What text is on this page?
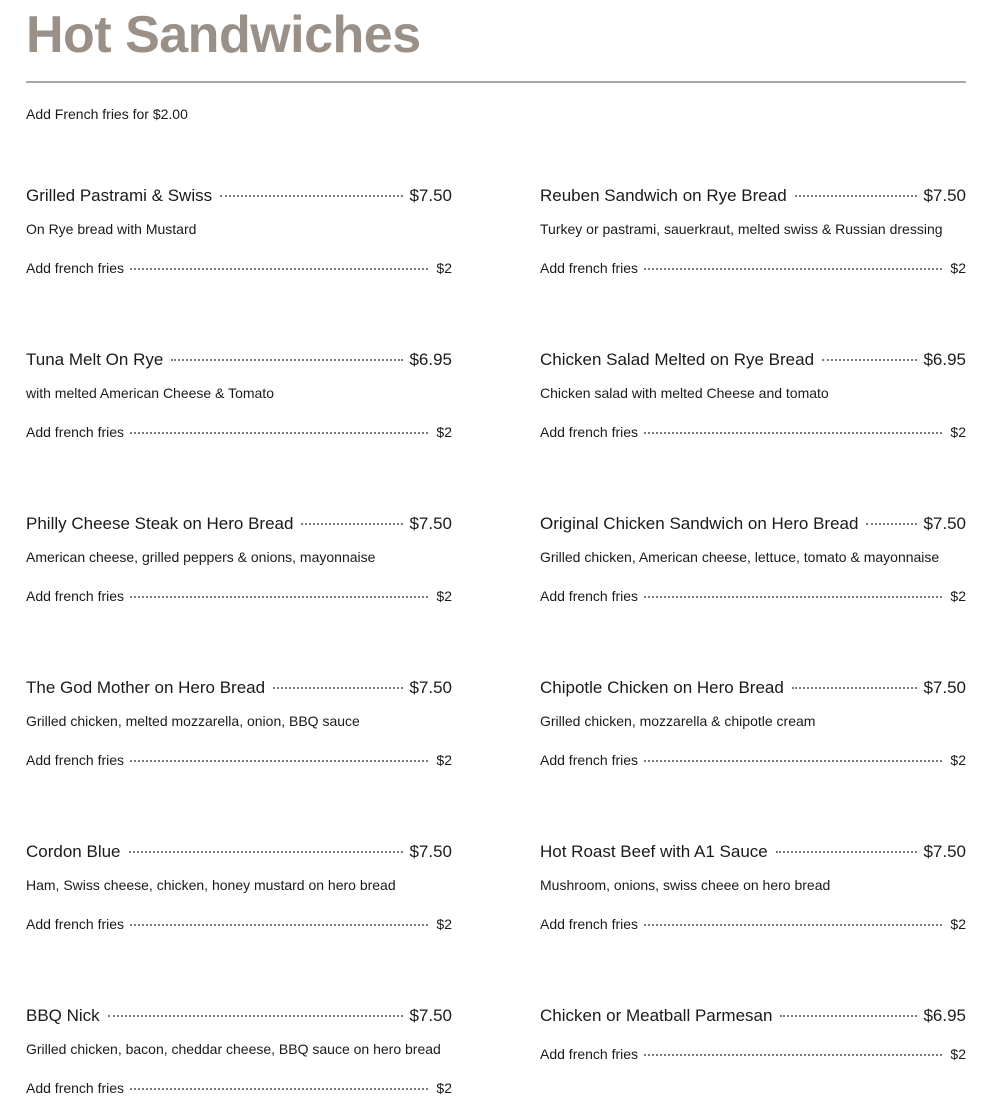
Hot Sandwiches
Add French fries for $2.00
Grilled Pastrami & Swiss	$7.50
On Rye bread with Mustard
Add french fries	$2
Tuna Melt On Rye	$6.95
with melted American Cheese & Tomato
Add french fries	$2
Philly Cheese Steak on Hero Bread	$7.50
American cheese, grilled peppers & onions, mayonnaise
Add french fries	$2
The God Mother on Hero Bread	$7.50
Grilled chicken, melted mozzarella, onion, BBQ sauce
Add french fries	$2
Cordon Blue	$7.50
Ham, Swiss cheese, chicken, honey mustard on hero bread
Add french fries	$2
BBQ Nick	$7.50
Grilled chicken, bacon, cheddar cheese, BBQ sauce on hero bread
Add french fries	$2
Reuben Sandwich on Rye Bread	$7.50
Turkey or pastrami, sauerkraut, melted swiss & Russian dressing
Add french fries	$2
Chicken Salad Melted on Rye Bread	$6.95
Chicken salad with melted Cheese and tomato
Add french fries	$2
Original Chicken Sandwich on Hero Bread	$7.50
Grilled chicken, American cheese, lettuce, tomato & mayonnaise
Add french fries	$2
Chipotle Chicken on Hero Bread	$7.50
Grilled chicken, mozzarella & chipotle cream
Add french fries	$2
Hot Roast Beef with A1 Sauce	$7.50
Mushroom, onions, swiss cheee on hero bread
Add french fries	$2
Chicken or Meatball Parmesan	$6.95
Add french fries	$2
